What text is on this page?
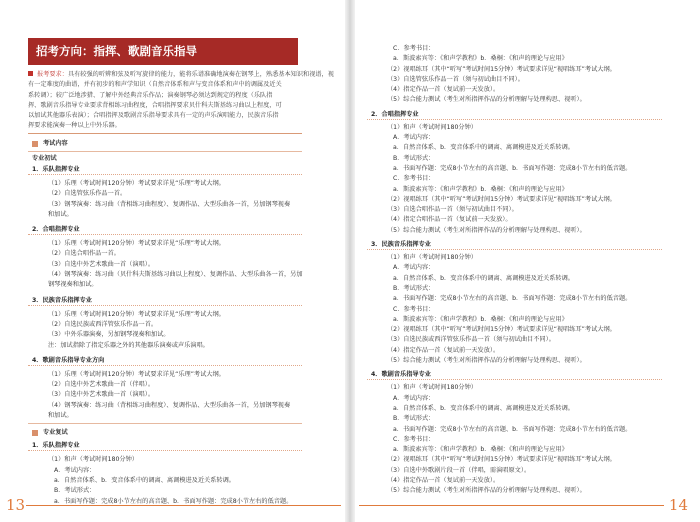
招考方向：指挥、歌剧音乐指导
报考要求：具有较强的听辨和弦及听写旋律的能力，能将乐谱准确地演奏在钢琴上，熟悉基本知识和视谱，视
有一定难度的曲谱，并有初步的和声学知识（自然音体系和声与变音体系和声中的调属及近关
系转调）；较广泛地涉猎、了解中外经典音乐作品；演奏钢琴必须达到规定的程度（乐队指
挥、歌剧音乐指导专业要求背相练习曲程度，合唱指挥要求贝什科夫斯基练习曲以上程度，可
以加试其他器乐表演）；合唱指挥及歌剧音乐指导要求具有一定的声乐演唱能力，民族音乐指
挥要求能演奏一种以上中外乐器。
考试内容
专业初试
1．乐队指挥专业
（1）乐理（考试时间120分钟）考试要求详见“乐理”考试大纲。
（2）自选管弦乐作品一首。
（3）钢琴演奏：练习曲（背相练习曲程度）、复调作品、大型乐曲各一首，另加钢琴视奏
和加试。
2．合唱指挥专业
（1）乐理（考试时间120分钟）考试要求详见“乐理”考试大纲。
（2）自选合唱作品一首。
（3）自选中外艺术歌曲一首（演唱）。
（4）钢琴演奏：练习曲（贝什科夫斯基练习曲以上程度）、复调作品、大型乐曲各一首，另加
钢琴视奏和加试。
3．民族音乐指挥专业
（1）乐理（考试时间120分钟）考试要求详见“乐理”考试大纲。
（2）自选民族或西洋管弦乐作品一首。
（3）中外乐器演奏，另加钢琴视奏和加试。
注：加试指除了指定乐器之外的其他器乐演奏或声乐演唱。
4．歌剧音乐指导专业方向
（1）乐理（考试时间120分钟）考试要求详见“乐理”考试大纲。
（2）自选中外艺术歌曲一首（伴唱）。
（3）自选中外艺术歌曲一首（演唱）。
（4）钢琴演奏：练习曲（背相练习曲程度）、复调作品、大型乐曲各一首，另加钢琴视奏
和加试。
专业复试
1．乐队指挥专业
（1）和声（考试时间180分钟）
A．考试内容：
a．自然音体系、b．变音体系中的调离、离调模进及近关系转调。
B．考试形式：
a．书面写作题：完成8小节左右的高音题、b．书面写作题：完成8小节左右的低音题。
13
C．参考书目：
a．斯波索宾等：《和声学教程》b．桑桐：《和声的理论与应用》
（2）视唱练耳（其中“听写”考试时间15分钟）考试要求详见“视唱练耳”考试大纲。
（3）自选管弦乐作品一首（须与初试曲目不同）。
（4）指定作品一首（复试前一天发放）。
（5）综合能力测试（考生对所指挥作品的分析理解与处理构思、视听）。
2．合唱指挥专业
（1）和声（考试时间180分钟）
A．考试内容：
a．自然音体系、b．变音体系中的调离、离调模进及近关系转调。
B．考试形式：
a．书面写作题：完成8小节左右的高音题、b．书面写作题：完成8小节左右的低音题。
C．参考书目：
a．斯波索宾等：《和声学教程》b．桑桐：《和声的理论与应用》
（2）视唱练耳（其中“听写”考试时间15分钟）考试要求详见“视唱练耳”考试大纲。
（3）自选合唱作品一首（须与初试曲目不同）。
（4）指定合唱作品一首（复试前一天发放）。
（5）综合能力测试（考生对所指挥作品的分析理解与处理构思、视听）。
3．民族音乐指挥专业
（1）和声（考试时间180分钟）
A．考试内容：
a．自然音体系、b．变音体系中的调离、离调模进及近关系转调。
B．考试形式：
a．书面写作题：完成8小节左右的高音题、b．书面写作题：完成8小节左右的低音题。
C．参考书目：
a．斯波索宾等：《和声学教程》b．桑桐：《和声的理论与应用》
（2）视唱练耳（其中“听写”考试时间15分钟）考试要求详见“视唱练耳”考试大纲。
（3）自选民族或西洋管弦乐作品一首（须与初试曲目不同）。
（4）指定作品一首（复试前一天发放）。
（5）综合能力测试（考生对所指挥作品的分析理解与处理构思、视听）。
4．歌剧音乐指导专业
（1）和声（考试时间180分钟）
A．考试内容：
a．自然音体系、b．变音体系中的调离、离调模进及近关系转调。
B．考试形式：
a．书面写作题：完成8小节左右的高音题、b．书面写作题：完成8小节左右的低音题。
C．参考书目：
a．斯波索宾等：《和声学教程》b．桑桐：《和声的理论与应用》
（2）视唱练耳（其中“听写”考试时间15分钟）考试要求详见“视唱练耳”考试大纲。
（3）自选中外歌剧片段一首（伴唱，需演唱原文）。
（4）指定作品一首（复试前一天发放）。
（5）综合能力测试（考生对所指挥作品的分析理解与处理构思、视听）。
14
